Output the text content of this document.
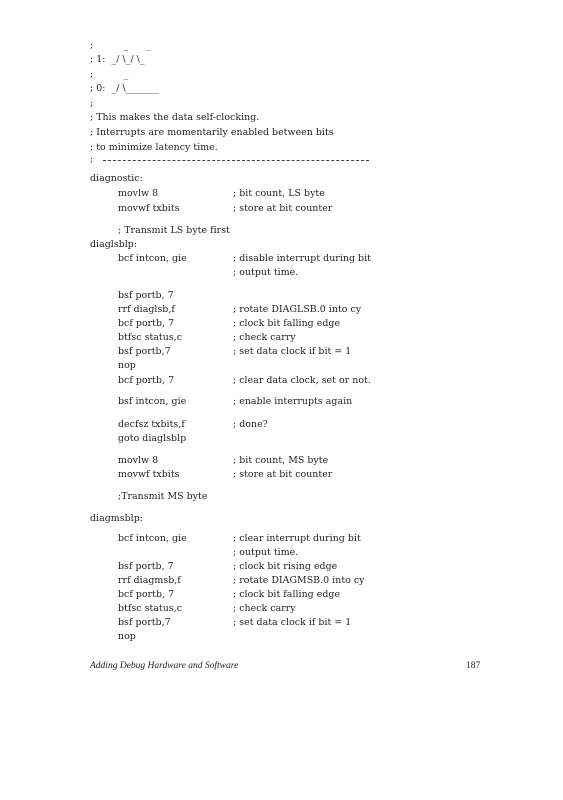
;          _      _
; 1:  _/ \_/ \_
;          _
; 0:  _/ \_______
;
; This makes the data self-clocking.
; Interrupts are momentarily enabled between bits
; to minimize latency time.
;
diagnostic:
movlw 8	; bit count, LS byte
movwf txbits	; store at bit counter
; Transmit LS byte first
diaglsblp:
bcf intcon, gie	; disable interrupt during bit
; output time.
bsf portb, 7
rrf diaglsb,f	; rotate DIAGLSB.0 into cy
bcf portb, 7	; clock bit falling edge
btfsc status,c	; check carry
bsf portb,7	; set data clock if bit = 1
nop
bcf portb, 7	; clear data clock, set or not.
bsf intcon, gie	; enable interrupts again
decfsz txbits,f	; done?
goto diaglsblp
movlw 8	; bit count, MS byte
movwf txbits	; store at bit counter
;Transmit MS byte
diagmsblp:
bcf intcon, gie	; clear interrupt during bit
; output time.
bsf portb, 7	; clock bit rising edge
rrf diagmsb,f	; rotate DIAGMSB.0 into cy
bcf portb, 7	; clock bit falling edge
btfsc status,c	; check carry
bsf portb,7	; set data clock if bit = 1
nop
Adding Debug Hardware and Software	187
